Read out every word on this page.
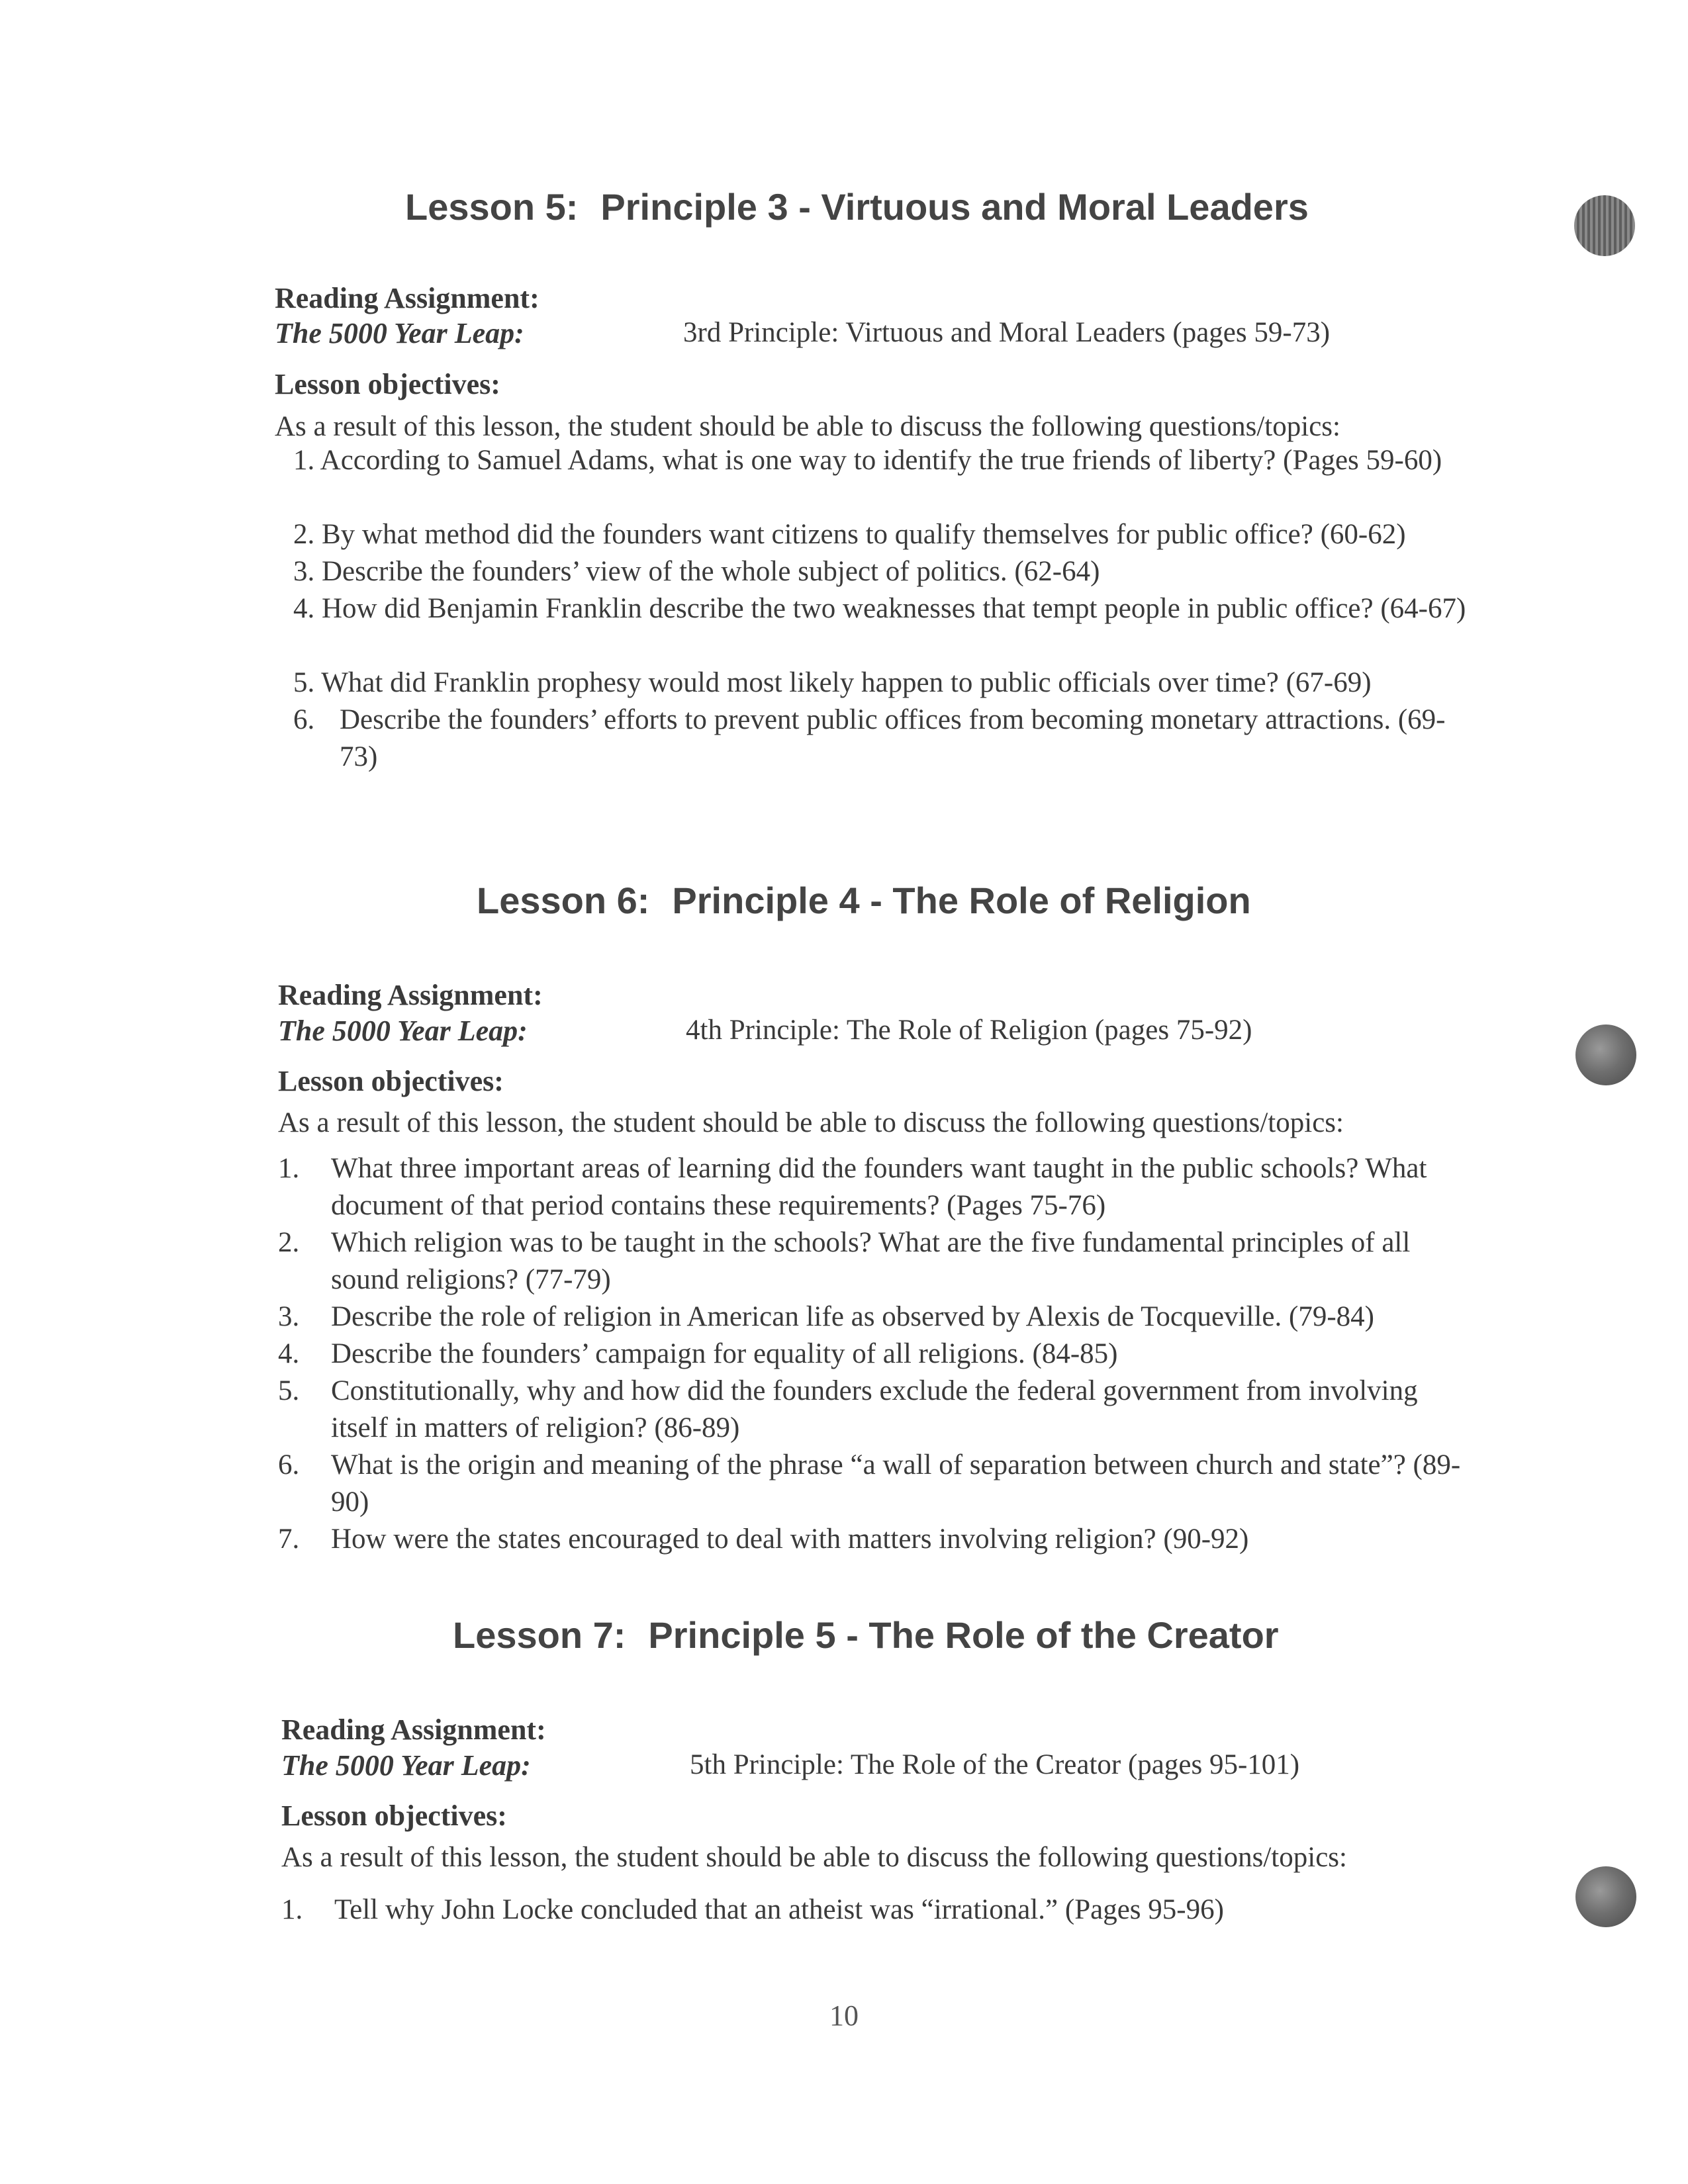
Lesson 5: Principle 3 - Virtuous and Moral Leaders
Reading Assignment:
The 5000 Year Leap:	3rd Principle: Virtuous and Moral Leaders (pages 59-73)
Lesson objectives:
As a result of this lesson, the student should be able to discuss the following questions/topics:
1. According to Samuel Adams, what is one way to identify the true friends of liberty? (Pages 59-60)
2. By what method did the founders want citizens to qualify themselves for public office? (60-62)
3. Describe the founders’ view of the whole subject of politics. (62-64)
4. How did Benjamin Franklin describe the two weaknesses that tempt people in public office? (64-67)
5. What did Franklin prophesy would most likely happen to public officials over time? (67-69)
6. Describe the founders’ efforts to prevent public offices from becoming monetary attractions. (69-73)
Lesson 6: Principle 4 - The Role of Religion
Reading Assignment:
The 5000 Year Leap:	4th Principle: The Role of Religion (pages 75-92)
Lesson objectives:
As a result of this lesson, the student should be able to discuss the following questions/topics:
1. What three important areas of learning did the founders want taught in the public schools? What document of that period contains these requirements? (Pages 75-76)
2. Which religion was to be taught in the schools? What are the five fundamental principles of all sound religions? (77-79)
3. Describe the role of religion in American life as observed by Alexis de Tocqueville. (79-84)
4. Describe the founders’ campaign for equality of all religions. (84-85)
5. Constitutionally, why and how did the founders exclude the federal government from involving itself in matters of religion? (86-89)
6. What is the origin and meaning of the phrase “a wall of separation between church and state”? (89-90)
7. How were the states encouraged to deal with matters involving religion? (90-92)
Lesson 7: Principle 5 - The Role of the Creator
Reading Assignment:
The 5000 Year Leap:	5th Principle: The Role of the Creator (pages 95-101)
Lesson objectives:
As a result of this lesson, the student should be able to discuss the following questions/topics:
1. Tell why John Locke concluded that an atheist was “irrational.” (Pages 95-96)
10
